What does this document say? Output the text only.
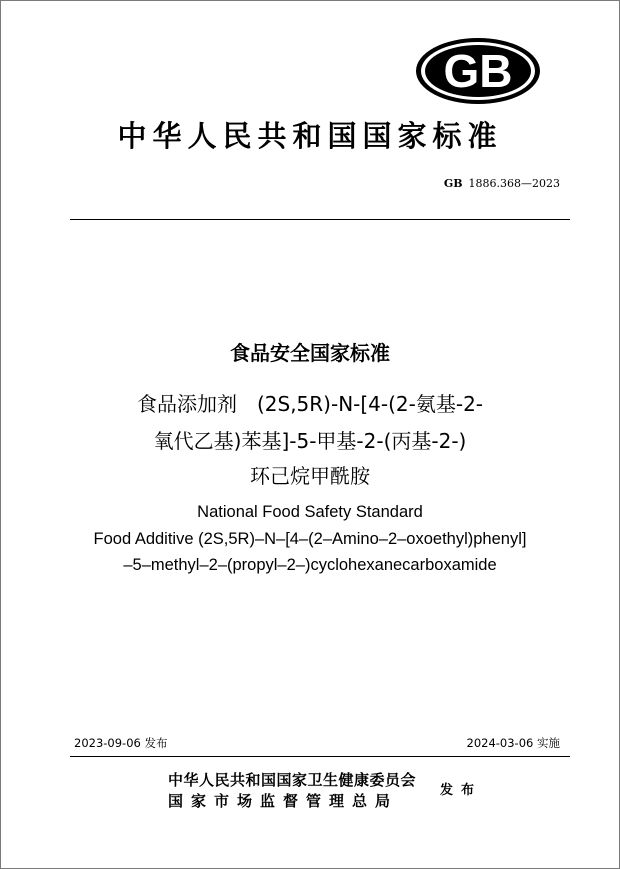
GB
中华人民共和国国家标准
GB 1886.368—2023
食品安全国家标准
食品添加剂　(2S,5R)-N-[4-(2-氨基-2-
氧代乙基)苯基]-5-甲基-2-(丙基-2-)
环己烷甲酰胺
National Food Safety Standard
Food Additive (2S,5R)–N–[4–(2–Amino–2–oxoethyl)phenyl]
–5–methyl–2–(propyl–2–)cyclohexanecarboxamide
2023-09-06 发布	2024-03-06 实施
中华人民共和国国家卫生健康委员会
国家市场监督管理总局
发布
